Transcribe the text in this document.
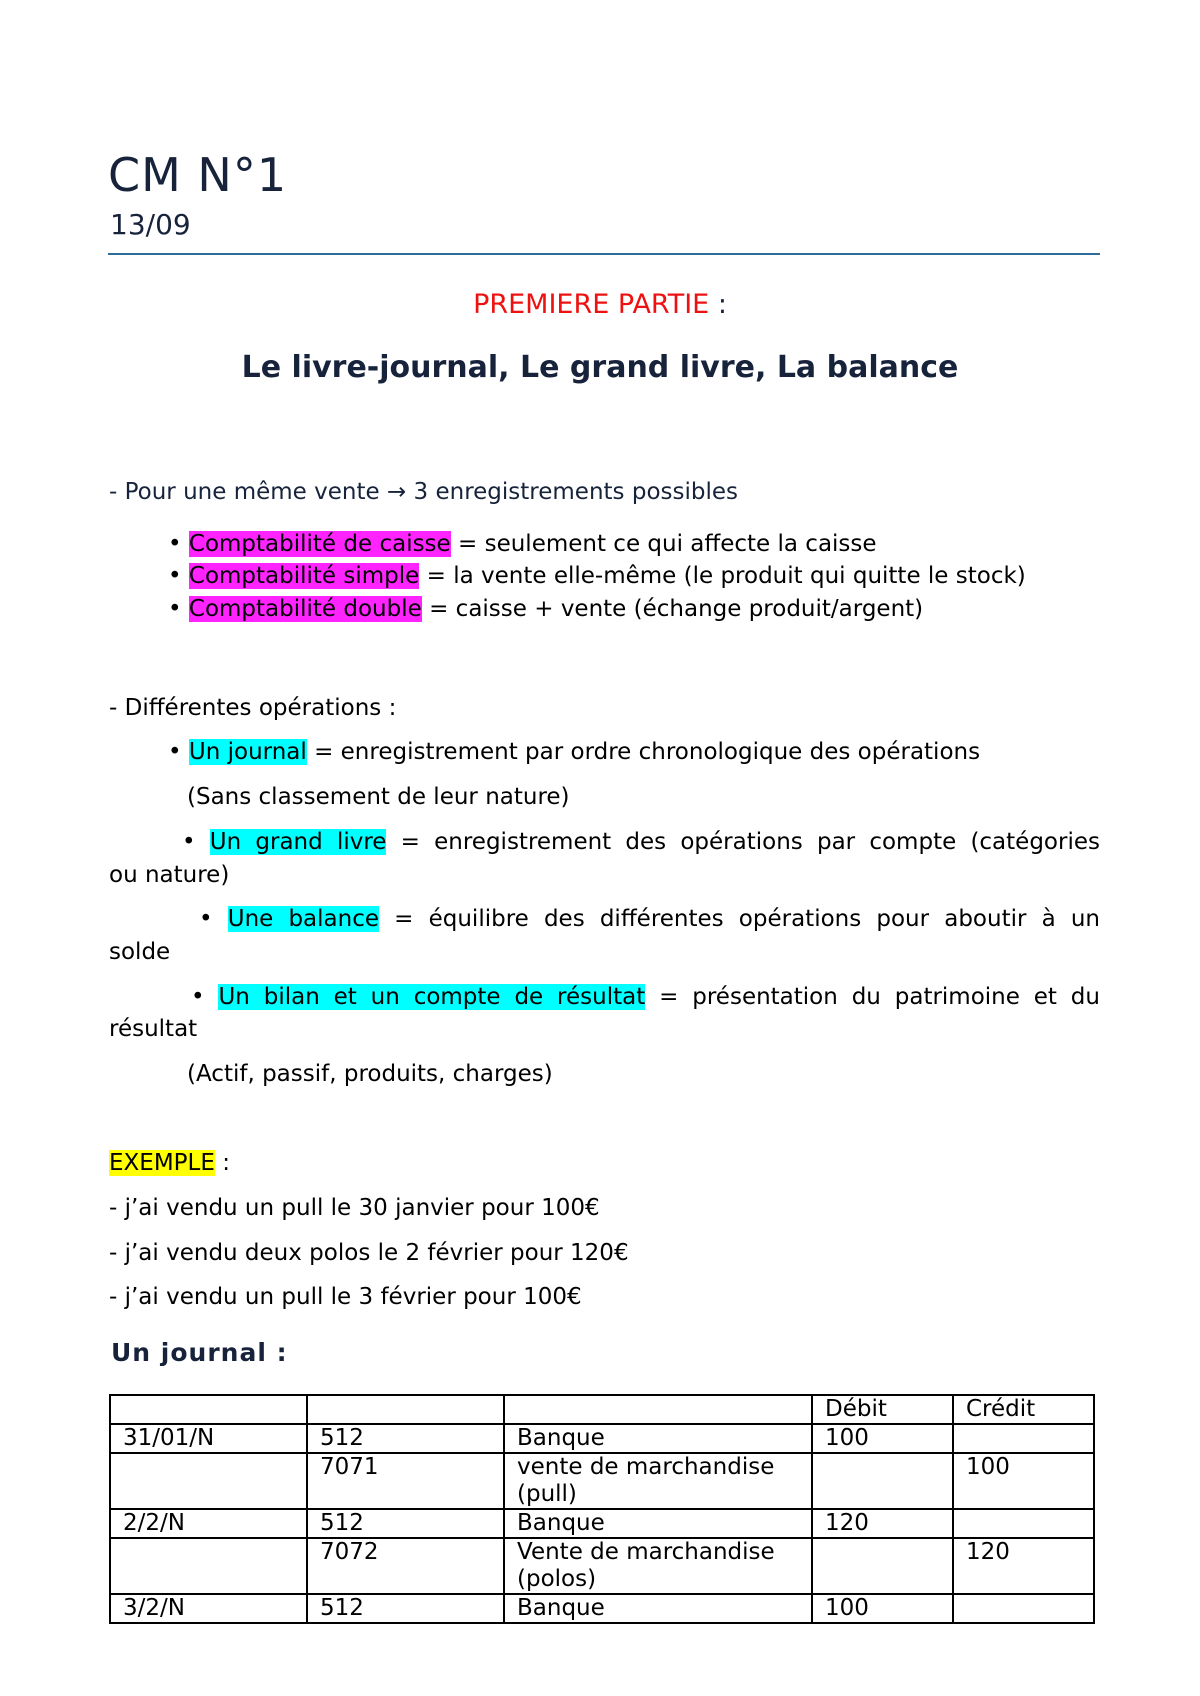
CM N°1
13/09
PREMIERE PARTIE :
Le livre-journal, Le grand livre, La balance
- Pour une même vente → 3 enregistrements possibles
• Comptabilité de caisse = seulement ce qui affecte la caisse
• Comptabilité simple = la vente elle-même (le produit qui quitte le stock)
• Comptabilité double = caisse + vente (échange produit/argent)
- Différentes opérations :
• Un journal = enregistrement par ordre chronologique des opérations
(Sans classement de leur nature)
• Un grand livre = enregistrement des opérations par compte (catégories
ou nature)
• Une balance = équilibre des différentes opérations pour aboutir à un
solde
• Un bilan et un compte de résultat = présentation du patrimoine et du
résultat
(Actif, passif, produits, charges)
EXEMPLE :
- j’ai vendu un pull le 30 janvier pour 100€
- j’ai vendu deux polos le 2 février pour 120€
- j’ai vendu un pull le 3 février pour 100€
Un journal :
			Débit	Crédit
31/01/N	512	Banque	100	
	7071	vente de marchandise (pull)		100
2/2/N	512	Banque	120	
	7072	Vente de marchandise (polos)		120
3/2/N	512	Banque	100	
